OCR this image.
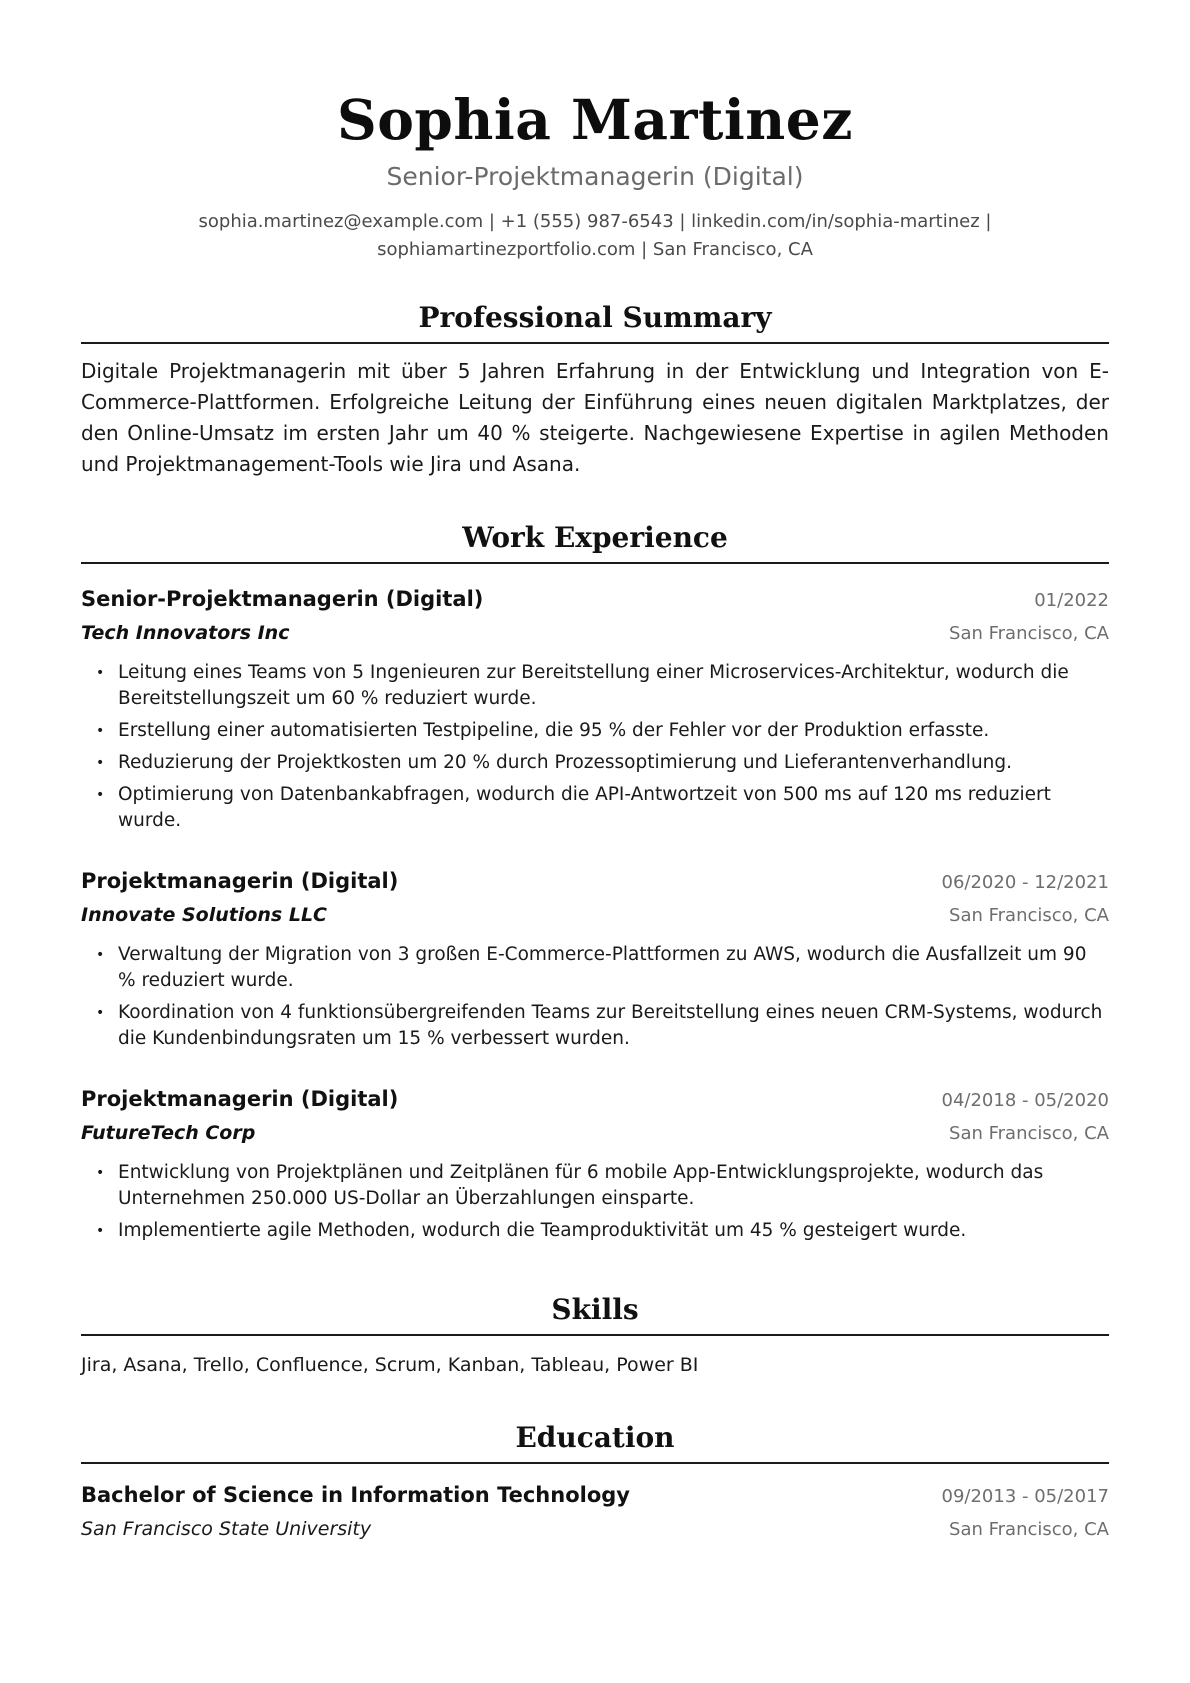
Sophia Martinez
Senior-Projektmanagerin (Digital)
sophia.martinez@example.com | +1 (555) 987-6543 | linkedin.com/in/sophia-martinez |
sophiamartinezportfolio.com | San Francisco, CA
Professional Summary
Digitale Projektmanagerin mit über 5 Jahren Erfahrung in der Entwicklung und Integration von E-Commerce-Plattformen. Erfolgreiche Leitung der Einführung eines neuen digitalen Marktplatzes, der den Online-Umsatz im ersten Jahr um 40 % steigerte. Nachgewiesene Expertise in agilen Methoden und Projektmanagement-Tools wie Jira und Asana.
Work Experience
Senior-Projektmanagerin (Digital)	01/2022
Tech Innovators Inc	San Francisco, CA
• Leitung eines Teams von 5 Ingenieuren zur Bereitstellung einer Microservices-Architektur, wodurch die Bereitstellungszeit um 60 % reduziert wurde.
• Erstellung einer automatisierten Testpipeline, die 95 % der Fehler vor der Produktion erfasste.
• Reduzierung der Projektkosten um 20 % durch Prozessoptimierung und Lieferantenverhandlung.
• Optimierung von Datenbankabfragen, wodurch die API-Antwortzeit von 500 ms auf 120 ms reduziert wurde.
Projektmanagerin (Digital)	06/2020 - 12/2021
Innovate Solutions LLC	San Francisco, CA
• Verwaltung der Migration von 3 großen E-Commerce-Plattformen zu AWS, wodurch die Ausfallzeit um 90 % reduziert wurde.
• Koordination von 4 funktionsübergreifenden Teams zur Bereitstellung eines neuen CRM-Systems, wodurch die Kundenbindungsraten um 15 % verbessert wurden.
Projektmanagerin (Digital)	04/2018 - 05/2020
FutureTech Corp	San Francisco, CA
• Entwicklung von Projektplänen und Zeitplänen für 6 mobile App-Entwicklungsprojekte, wodurch das Unternehmen 250.000 US-Dollar an Überzahlungen einsparte.
• Implementierte agile Methoden, wodurch die Teamproduktivität um 45 % gesteigert wurde.
Skills
Jira, Asana, Trello, Confluence, Scrum, Kanban, Tableau, Power BI
Education
Bachelor of Science in Information Technology	09/2013 - 05/2017
San Francisco State University	San Francisco, CA
